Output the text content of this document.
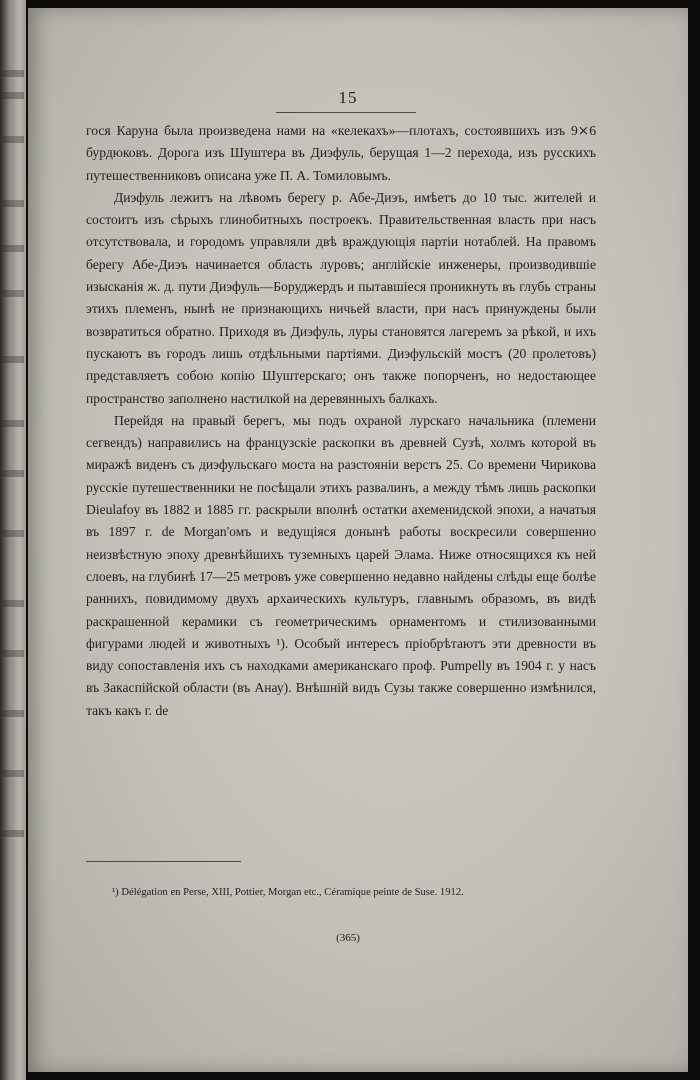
15

гося Каруна была произведена нами на «келекахъ»—плотахъ, состоявшихъ изъ 9⨯6 бурдюковъ. Дорога изъ Шуштера въ Диэфуль, берущая 1—2 перехода, изъ русскихъ путешественниковъ описана уже П. А. Томиловымъ.

Диэфуль лежитъ на лѣвомъ берегу р. Абе-Диэъ, имѣетъ до 10 тыс. жителей и состоитъ изъ сѣрыхъ глинобитныхъ построекъ. Правительственная власть при насъ отсутствовала, и городомъ управляли двѣ враждующія партіи нотаблей. На правомъ берегу Абе-Диэъ начинается область луровъ; англійскіе инженеры, производившіе изысканія ж. д. пути Диэфуль—Боруджердъ и пытавшіеся проникнуть въ глубь страны этихъ племенъ, нынѣ не признающихъ ничьей власти, при насъ принуждены были возвратиться обратно. Приходя въ Диэфуль, луры становятся лагеремъ за рѣкой, и ихъ пускаютъ въ городъ лишь отдѣльными партіями. Диэфульскій мостъ (20 пролетовъ) представляетъ собою копію Шуштерскаго; онъ также попорченъ, но недостающее пространство заполнено настилкой на деревянныхъ балкахъ.

Перейдя на правый берегъ, мы подъ охраной лурскаго начальника (племени сегвендъ) направились на французскіе раскопки въ древней Сузѣ, холмъ которой въ миражѣ виденъ съ диэфульскаго моста на разстояніи верстъ 25. Со времени Чирикова русскіе путешественники не посѣщали этихъ развалинъ, а между тѣмъ лишь раскопки Dieulafoy въ 1882 и 1885 гг. раскрыли вполнѣ остатки ахеменидской эпохи, а начатыя въ 1897 г. de Morgan'омъ и ведущіяся донынѣ работы воскресили совершенно неизвѣстную эпоху древнѣйшихъ туземныхъ царей Элама. Ниже относящихся къ ней слоевъ, на глубинѣ 17—25 метровъ уже совершенно недавно найдены слѣды еще болѣе раннихъ, повидимому двухъ архаическихъ культуръ, главнымъ образомъ, въ видѣ раскрашенной керамики съ геометрическимъ орнаментомъ и стилизованными фигурами людей и животныхъ ¹). Особый интересъ пріобрѣтаютъ эти древности въ виду сопоставленія ихъ съ находками американскаго проф. Pumpelly въ 1904 г. у насъ въ Закаспійской области (въ Анау). Внѣшній видъ Сузы также совершенно измѣнился, такъ какъ г. de

¹) Délégation en Perse, XIII, Pottier, Morgan etc., Céramique peinte de Suse. 1912.
(365)
